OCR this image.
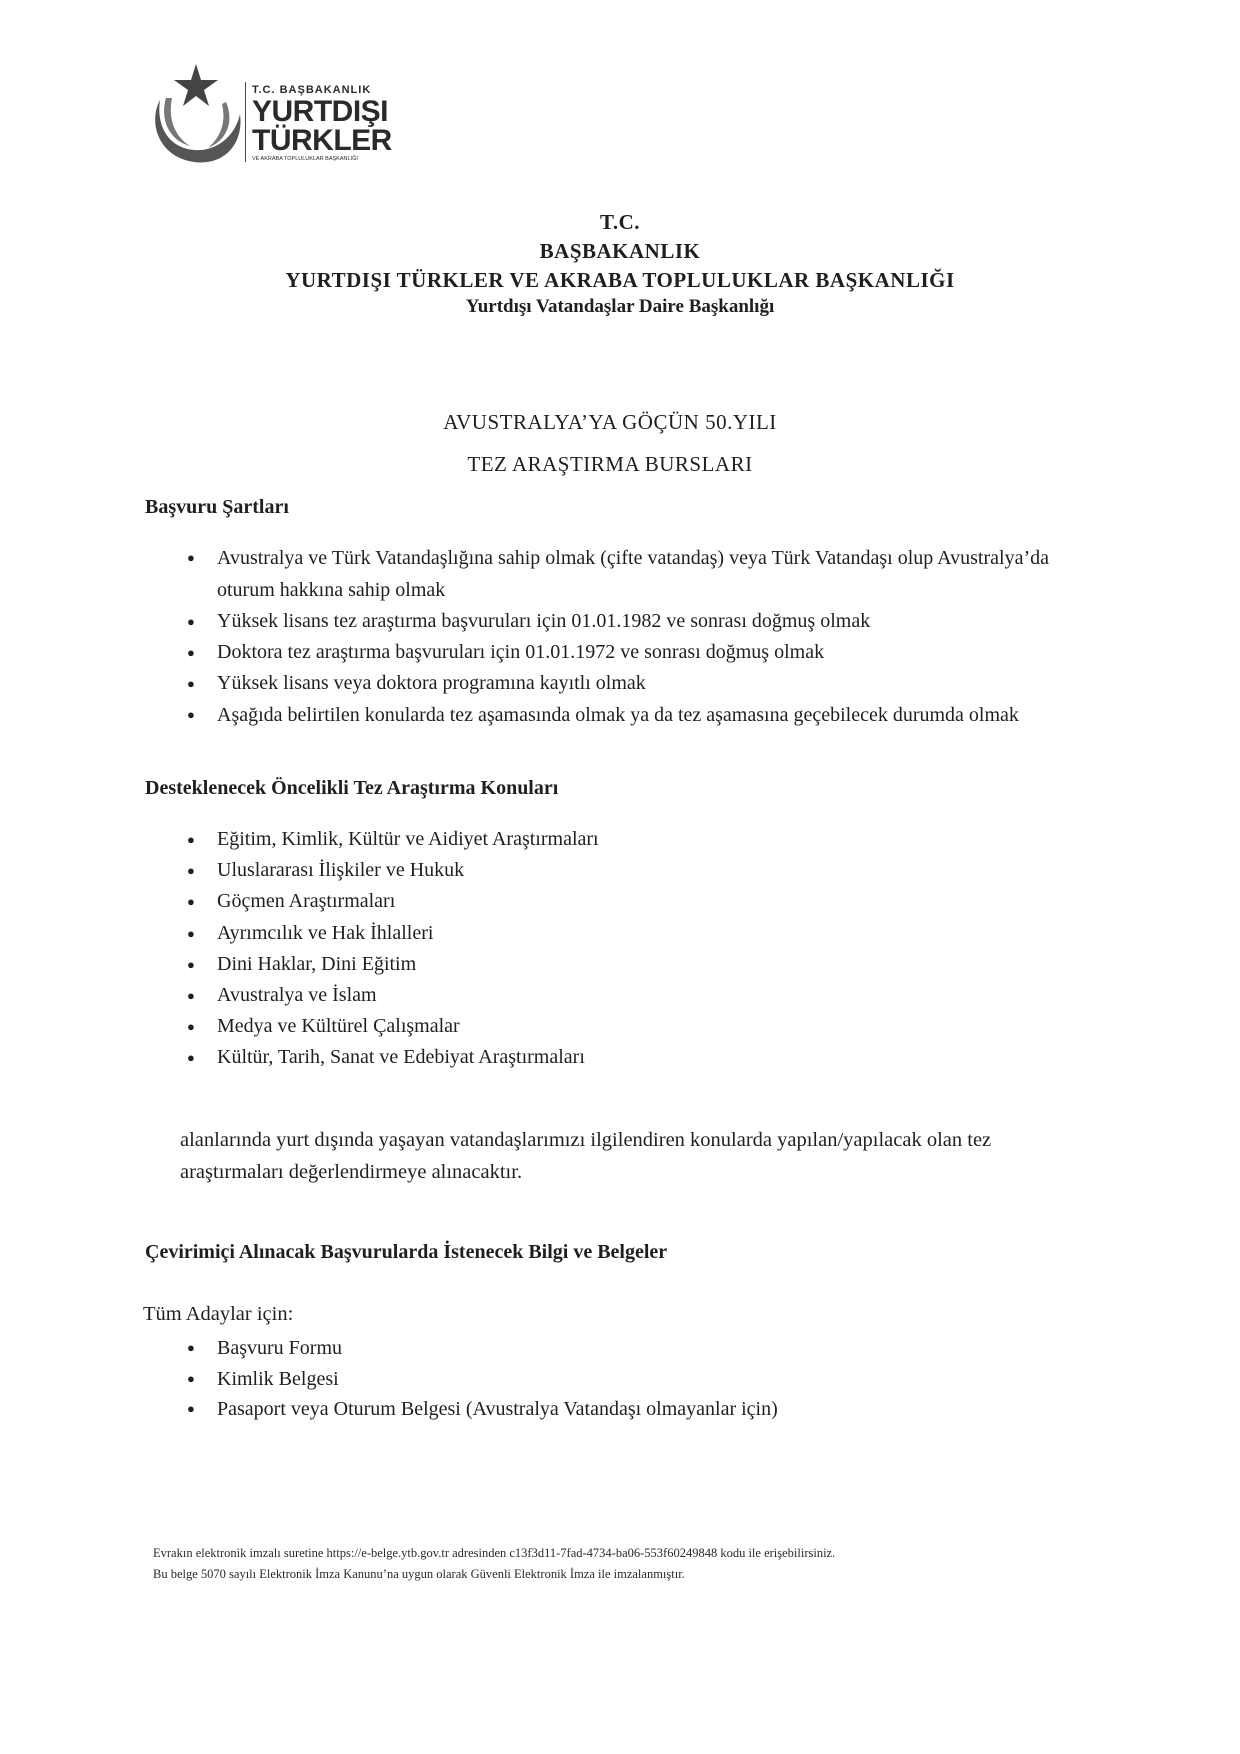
T.C. BAŞBAKANLIK
YURTDIŞI
TÜRKLER
VE AKRABA TOPLULUKLAR BAŞKANLIĞI
T.C.
BAŞBAKANLIK
YURTDIŞI TÜRKLER VE AKRABA TOPLULUKLAR BAŞKANLIĞI
Yurtdışı Vatandaşlar Daire Başkanlığı
AVUSTRALYA’YA GÖÇÜN 50.YILI
TEZ ARAŞTIRMA BURSLARI
Başvuru Şartları
● Avustralya ve Türk Vatandaşlığına sahip olmak (çifte vatandaş) veya Türk Vatandaşı olup Avustralya’da oturum hakkına sahip olmak
● Yüksek lisans tez araştırma başvuruları için 01.01.1982 ve sonrası doğmuş olmak
● Doktora tez araştırma başvuruları için 01.01.1972 ve sonrası doğmuş olmak
● Yüksek lisans veya doktora programına kayıtlı olmak
● Aşağıda belirtilen konularda tez aşamasında olmak ya da tez aşamasına geçebilecek durumda olmak
Desteklenecek Öncelikli Tez Araştırma Konuları
● Eğitim, Kimlik, Kültür ve Aidiyet Araştırmaları
● Uluslararası İlişkiler ve Hukuk
● Göçmen Araştırmaları
● Ayrımcılık ve Hak İhlalleri
● Dini Haklar, Dini Eğitim
● Avustralya ve İslam
● Medya ve Kültürel Çalışmalar
● Kültür, Tarih, Sanat ve Edebiyat Araştırmaları
alanlarında yurt dışında yaşayan vatandaşlarımızı ilgilendiren konularda yapılan/yapılacak olan tez araştırmaları değerlendirmeye alınacaktır.
Çevirimiçi Alınacak Başvurularda İstenecek Bilgi ve Belgeler
Tüm Adaylar için:
● Başvuru Formu
● Kimlik Belgesi
● Pasaport veya Oturum Belgesi (Avustralya Vatandaşı olmayanlar için)
Evrakın elektronik imzalı suretine https://e-belge.ytb.gov.tr adresinden c13f3d11-7fad-4734-ba06-553f60249848 kodu ile erişebilirsiniz.
Bu belge 5070 sayılı Elektronik İmza Kanunu’na uygun olarak Güvenli Elektronik İmza ile imzalanmıştır.
